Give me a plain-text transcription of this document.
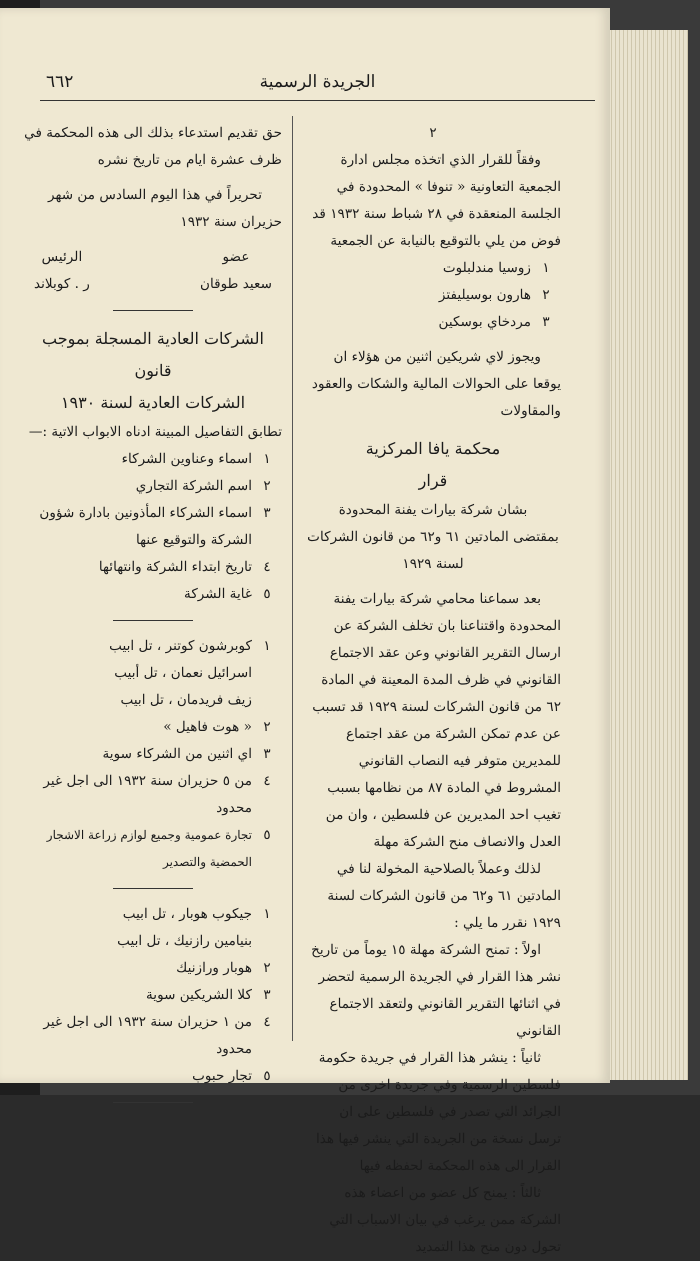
٦٦٢	الجريدة الرسمية

٢

وفقاً للقرار الذي اتخذه مجلس ادارة الجمعية التعاونية « تنوفا » المحدودة في الجلسة المنعقدة في ٢٨ شباط سنة ١٩٣٢ قد فوض من يلي بالتوقيع بالنيابة عن الجمعية

١
زوسيا مندلبلوت
٢
هارون بوسيليفتز
٣
مردخاي بوسكين

ويجوز لاي شريكين اثنين من هؤلاء ان يوقعا على الحوالات المالية والشكات والعقود والمقاولات

محكمة يافا المركزية

قرار

بشان شركة بيارات يفنة المحدودة

بمقتضى المادتين ٦١ و٦٢ من قانون الشركات لسنة ١٩٢٩

بعد سماعنا محامي شركة بيارات يفنة المحدودة واقتناعنا بان تخلف الشركة عن ارسال التقرير القانوني وعن عقد الاجتماع القانوني في ظرف المدة المعينة في المادة ٦٢ من قانون الشركات لسنة ١٩٢٩ قد تسبب عن عدم تمكن الشركة من عقد اجتماع للمديرين متوفر فيه النصاب القانوني المشروط في المادة ٨٧ من نظامها بسبب تغيب احد المديرين عن فلسطين ، وان من العدل والانصاف منح الشركة مهلة

لذلك وعملاً بالصلاحية المخولة لنا في المادتين ٦١ و٦٢ من قانون الشركات لسنة ١٩٢٩ نقرر ما يلي :

اولاً : تمنح الشركة مهلة ١٥ يوماً من تاريخ نشر هذا القرار في الجريدة الرسمية لتحضر في اثنائها التقرير القانوني ولتعقد الاجتماع القانوني

ثانياً : ينشر هذا القرار في جريدة حكومة فلسطين الرسمية وفي جريدة اخرى من الجرائد التي تصدر في فلسطين على ان ترسل نسخة من الجريدة التي ينشر فيها هذا القرار الى هذه المحكمة لحفظه فيها

ثالثاً : يمنح كل عضو من اعضاء هذه الشركة ممن يرغب في بيان الاسباب التي تحول دون منح هذا التمديد

حق تقديم استدعاء بذلك الى هذه المحكمة في ظرف عشرة ايام من تاريخ نشره

تحريراً في هذا اليوم السادس من شهر حزيران سنة ١٩٣٢

عضو
سعيد طوقان
الرئيس
ر . كوبلاند

الشركات العادية المسجلة بموجب قانون

الشركات العادية لسنة ١٩٣٠

تطابق التفاصيل المبينة ادناه الابواب الاتية :—

١
اسماء وعناوين الشركاء
٢
اسم الشركة التجاري
٣
اسماء الشركاء المأذونين بادارة شؤون الشركة والتوقيع عنها
٤
تاريخ ابتداء الشركة وانتهائها
٥
غاية الشركة
١
كوبرشون كوتنر ، تل ابيب
اسرائيل نعمان ، تل أبيب
زيف فريدمان ، تل ابيب
٢
« هوت فاهيل »
٣
اي اثنين من الشركاء سوية
٤
من ٥ حزيران سنة ١٩٣٢ الى اجل غير محدود
٥
تجارة عمومية وجميع لوازم زراعة الاشجار الحمضية والتصدير
١
جيكوب هوبار ، تل ابيب
بنيامين رازنيك ، تل ابيب
٢
هوبار ورازنيك
٣
كلا الشريكين سوية
٤
من ١ حزيران سنة ١٩٣٢ الى اجل غير محدود
٥
تجار حبوب
